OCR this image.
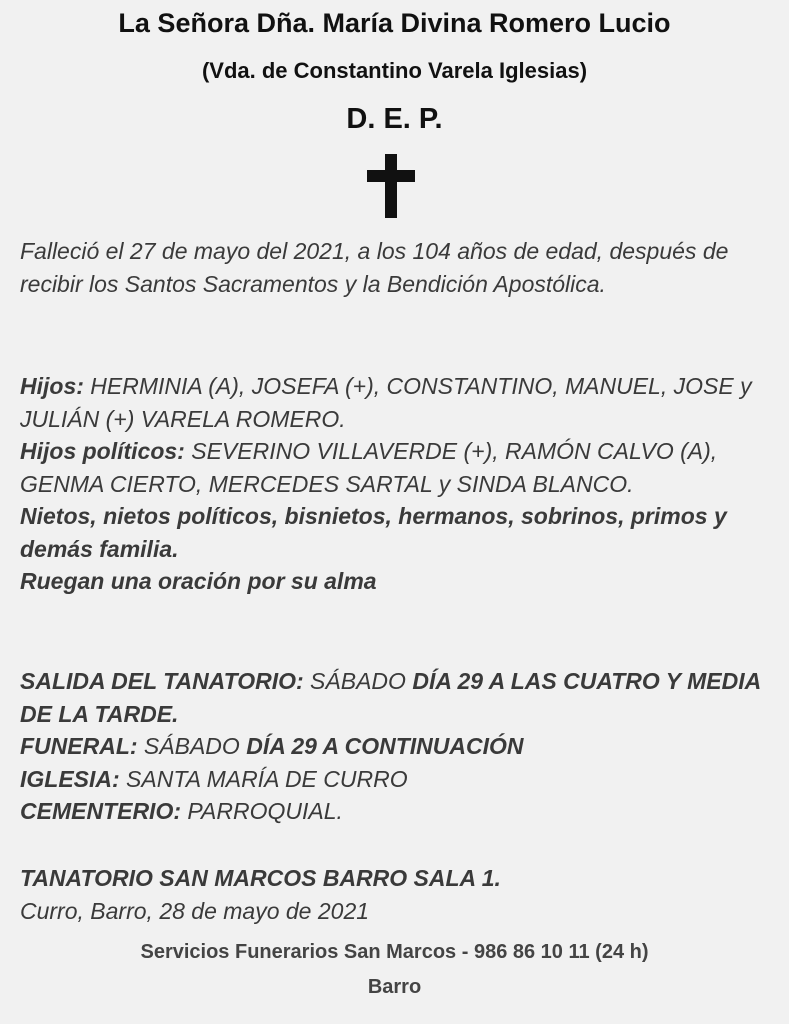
La Señora Dña. María Divina Romero Lucio
(Vda. de Constantino Varela Iglesias)
D. E. P.
Falleció el 27 de mayo del 2021, a los 104 años de edad, después de recibir los Santos Sacramentos y la Bendición Apostólica.
Hijos: HERMINIA (A), JOSEFA (+), CONSTANTINO, MANUEL, JOSE y JULIÁN (+) VARELA ROMERO.
Hijos políticos: SEVERINO VILLAVERDE (+), RAMÓN CALVO (A), GENMA CIERTO, MERCEDES SARTAL y SINDA BLANCO.
Nietos, nietos políticos, bisnietos, hermanos, sobrinos, primos y demás familia.
Ruegan una oración por su alma
SALIDA DEL TANATORIO: SÁBADO DÍA 29 A LAS CUATRO Y MEDIA DE LA TARDE.
FUNERAL: SÁBADO DÍA 29 A CONTINUACIÓN
IGLESIA: SANTA MARÍA DE CURRO
CEMENTERIO: PARROQUIAL.
TANATORIO SAN MARCOS BARRO SALA 1.
Curro, Barro, 28 de mayo de 2021
Servicios Funerarios San Marcos - 986 86 10 11 (24 h)
Barro
